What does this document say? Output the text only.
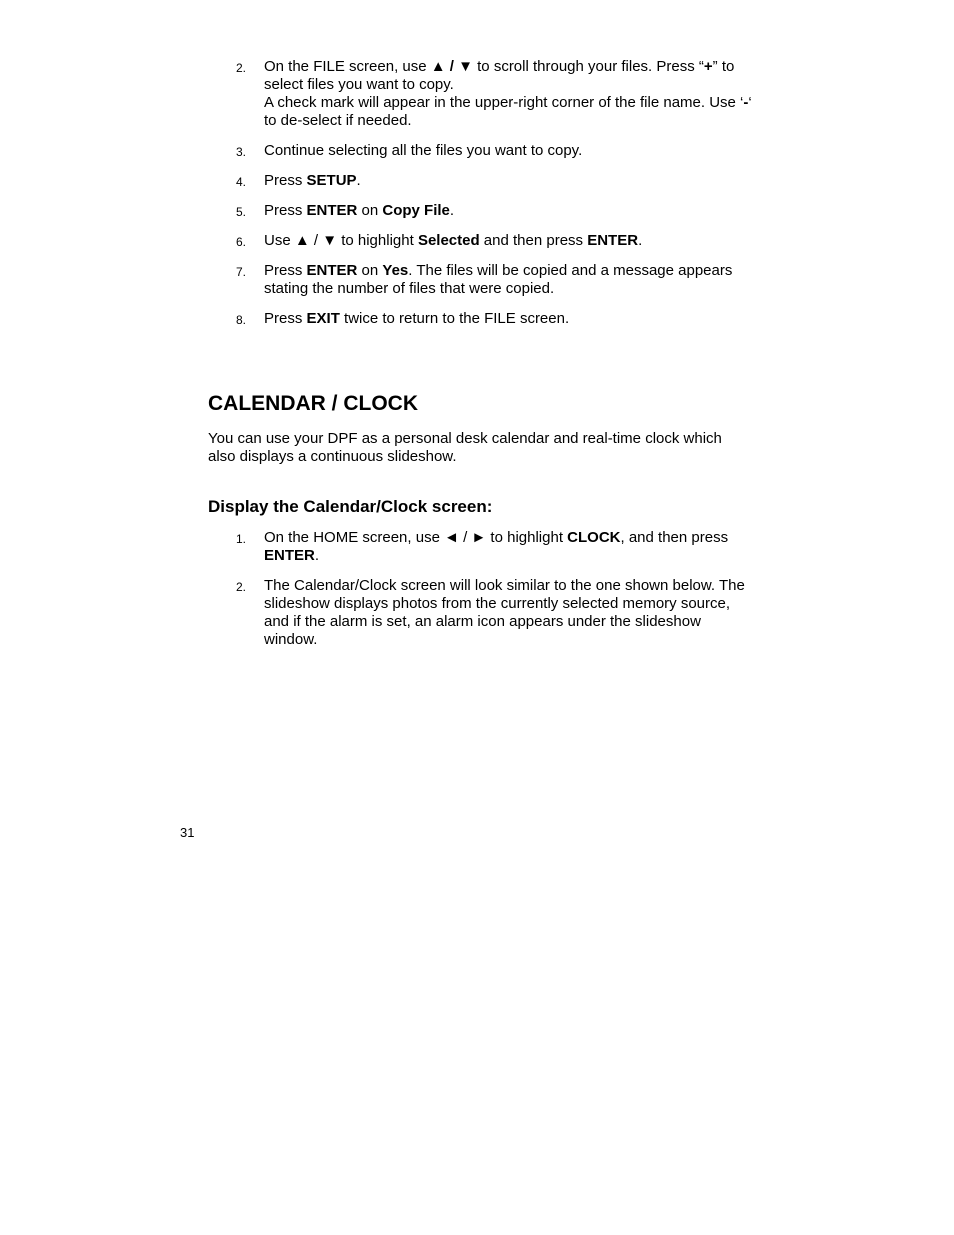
2. On the FILE screen, use ▲ / ▼ to scroll through your files. Press “+” to select files you want to copy.

A check mark will appear in the upper-right corner of the file name. Use ‘-‘ to de-select if needed.

3. Continue selecting all the files you want to copy.

4. Press SETUP.

5. Press ENTER on Copy File.

6. Use ▲ / ▼ to highlight Selected and then press ENTER.

7. Press ENTER on Yes. The files will be copied and a message appears stating the number of files that were copied.

8. Press EXIT twice to return to the FILE screen.

CALENDAR / CLOCK

You can use your DPF as a personal desk calendar and real-time clock which also displays a continuous slideshow.

Display the Calendar/Clock screen:
1. On the HOME screen, use ◄ / ► to highlight CLOCK, and then press ENTER.

2. The Calendar/Clock screen will look similar to the one shown below. The slideshow displays photos from the currently selected memory source, and if the alarm is set, an alarm icon appears under the slideshow window.

31
